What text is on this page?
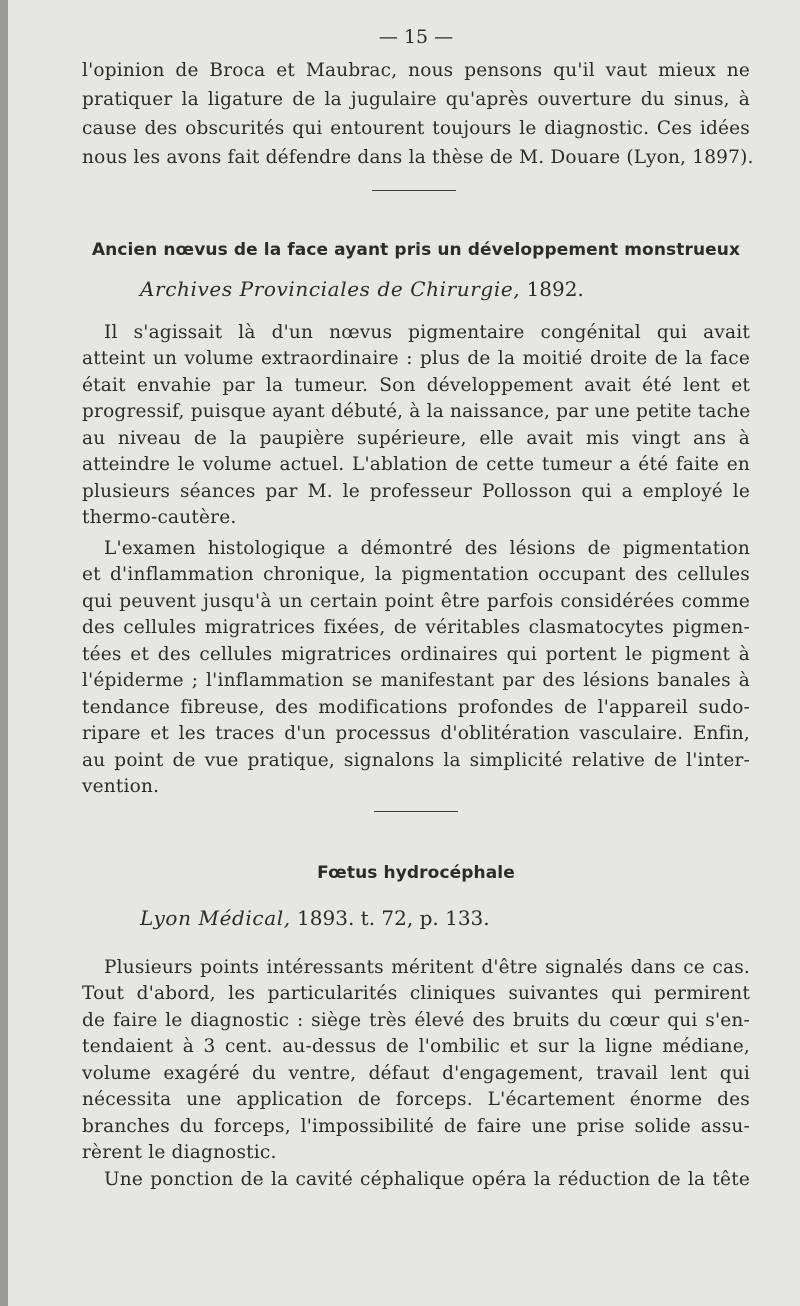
— 15 —
l'opinion de Broca et Maubrac, nous pensons qu'il vaut mieux ne
pratiquer la ligature de la jugulaire qu'après ouverture du sinus, à
cause des obscurités qui entourent toujours le diagnostic. Ces idées
nous les avons fait défendre dans la thèse de M. Douare (Lyon, 1897).
Ancien nœvus de la face ayant pris un développement monstrueux
Archives Provinciales de Chirurgie, 1892.
Il s'agissait là d'un nœvus pigmentaire congénital qui avait
atteint un volume extraordinaire : plus de la moitié droite de la face
était envahie par la tumeur. Son développement avait été lent et
progressif, puisque ayant débuté, à la naissance, par une petite tache
au niveau de la paupière supérieure, elle avait mis vingt ans à
atteindre le volume actuel. L'ablation de cette tumeur a été faite en
plusieurs séances par M. le professeur Pollosson qui a employé le
thermo-cautère.
L'examen histologique a démontré des lésions de pigmentation
et d'inflammation chronique, la pigmentation occupant des cellules
qui peuvent jusqu'à un certain point être parfois considérées comme
des cellules migratrices fixées, de véritables clasmatocytes pigmen-
tées et des cellules migratrices ordinaires qui portent le pigment à
l'épiderme ; l'inflammation se manifestant par des lésions banales à
tendance fibreuse, des modifications profondes de l'appareil sudo-
ripare et les traces d'un processus d'oblitération vasculaire. Enfin,
au point de vue pratique, signalons la simplicité relative de l'inter-
vention.
Fœtus hydrocéphale
Lyon Médical, 1893. t. 72, p. 133.
Plusieurs points intéressants méritent d'être signalés dans ce cas.
Tout d'abord, les particularités cliniques suivantes qui permirent
de faire le diagnostic : siège très élevé des bruits du cœur qui s'en-
tendaient à 3 cent. au-dessus de l'ombilic et sur la ligne médiane,
volume exagéré du ventre, défaut d'engagement, travail lent qui
nécessita une application de forceps. L'écartement énorme des
branches du forceps, l'impossibilité de faire une prise solide assu-
rèrent le diagnostic.
Une ponction de la cavité céphalique opéra la réduction de la tête
